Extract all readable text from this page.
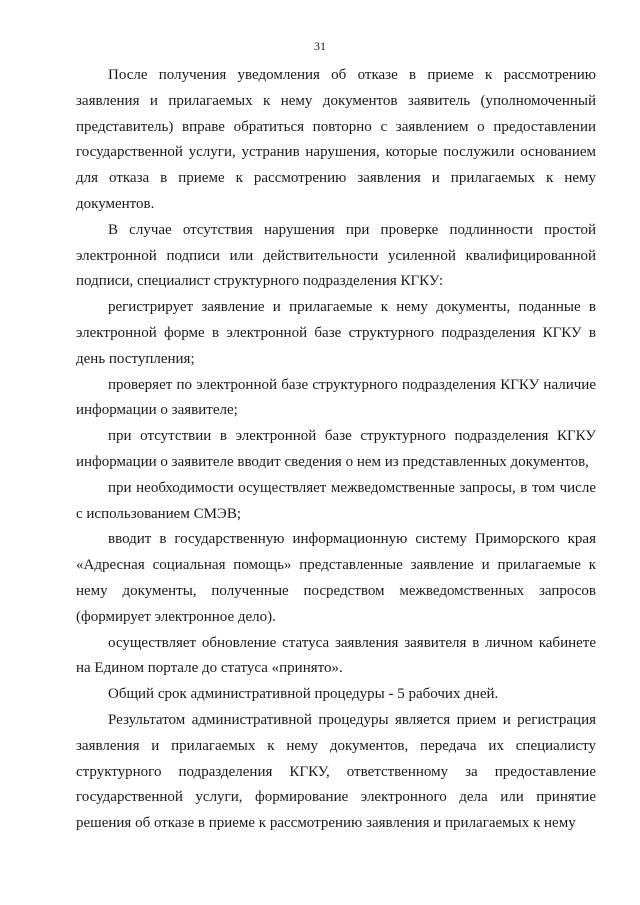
31

После получения уведомления об отказе в приеме к рассмотрению заявления и прилагаемых к нему документов заявитель (уполномоченный представитель) вправе обратиться повторно с заявлением о предоставлении государственной услуги, устранив нарушения, которые послужили основанием для отказа в приеме к рассмотрению заявления и прилагаемых к нему документов.

В случае отсутствия нарушения при проверке подлинности простой электронной подписи или действительности усиленной квалифицированной подписи, специалист структурного подразделения КГКУ:

регистрирует заявление и прилагаемые к нему документы, поданные в электронной форме в электронной базе структурного подразделения КГКУ в день поступления;

проверяет по электронной базе структурного подразделения КГКУ наличие информации о заявителе;

при отсутствии в электронной базе структурного подразделения КГКУ информации о заявителе вводит сведения о нем из представленных документов,

при необходимости осуществляет межведомственные запросы, в том числе с использованием СМЭВ;

вводит в государственную информационную систему Приморского края «Адресная социальная помощь» представленные заявление и прилагаемые к нему документы, полученные посредством межведомственных запросов (формирует электронное дело).

осуществляет обновление статуса заявления заявителя в личном кабинете на Едином портале до статуса «принято».

Общий срок административной процедуры - 5 рабочих дней.

Результатом административной процедуры является прием и регистрация заявления и прилагаемых к нему документов, передача их специалисту структурного подразделения КГКУ, ответственному за предоставление государственной услуги, формирование электронного дела или принятие решения об отказе в приеме к рассмотрению заявления и прилагаемых к нему
